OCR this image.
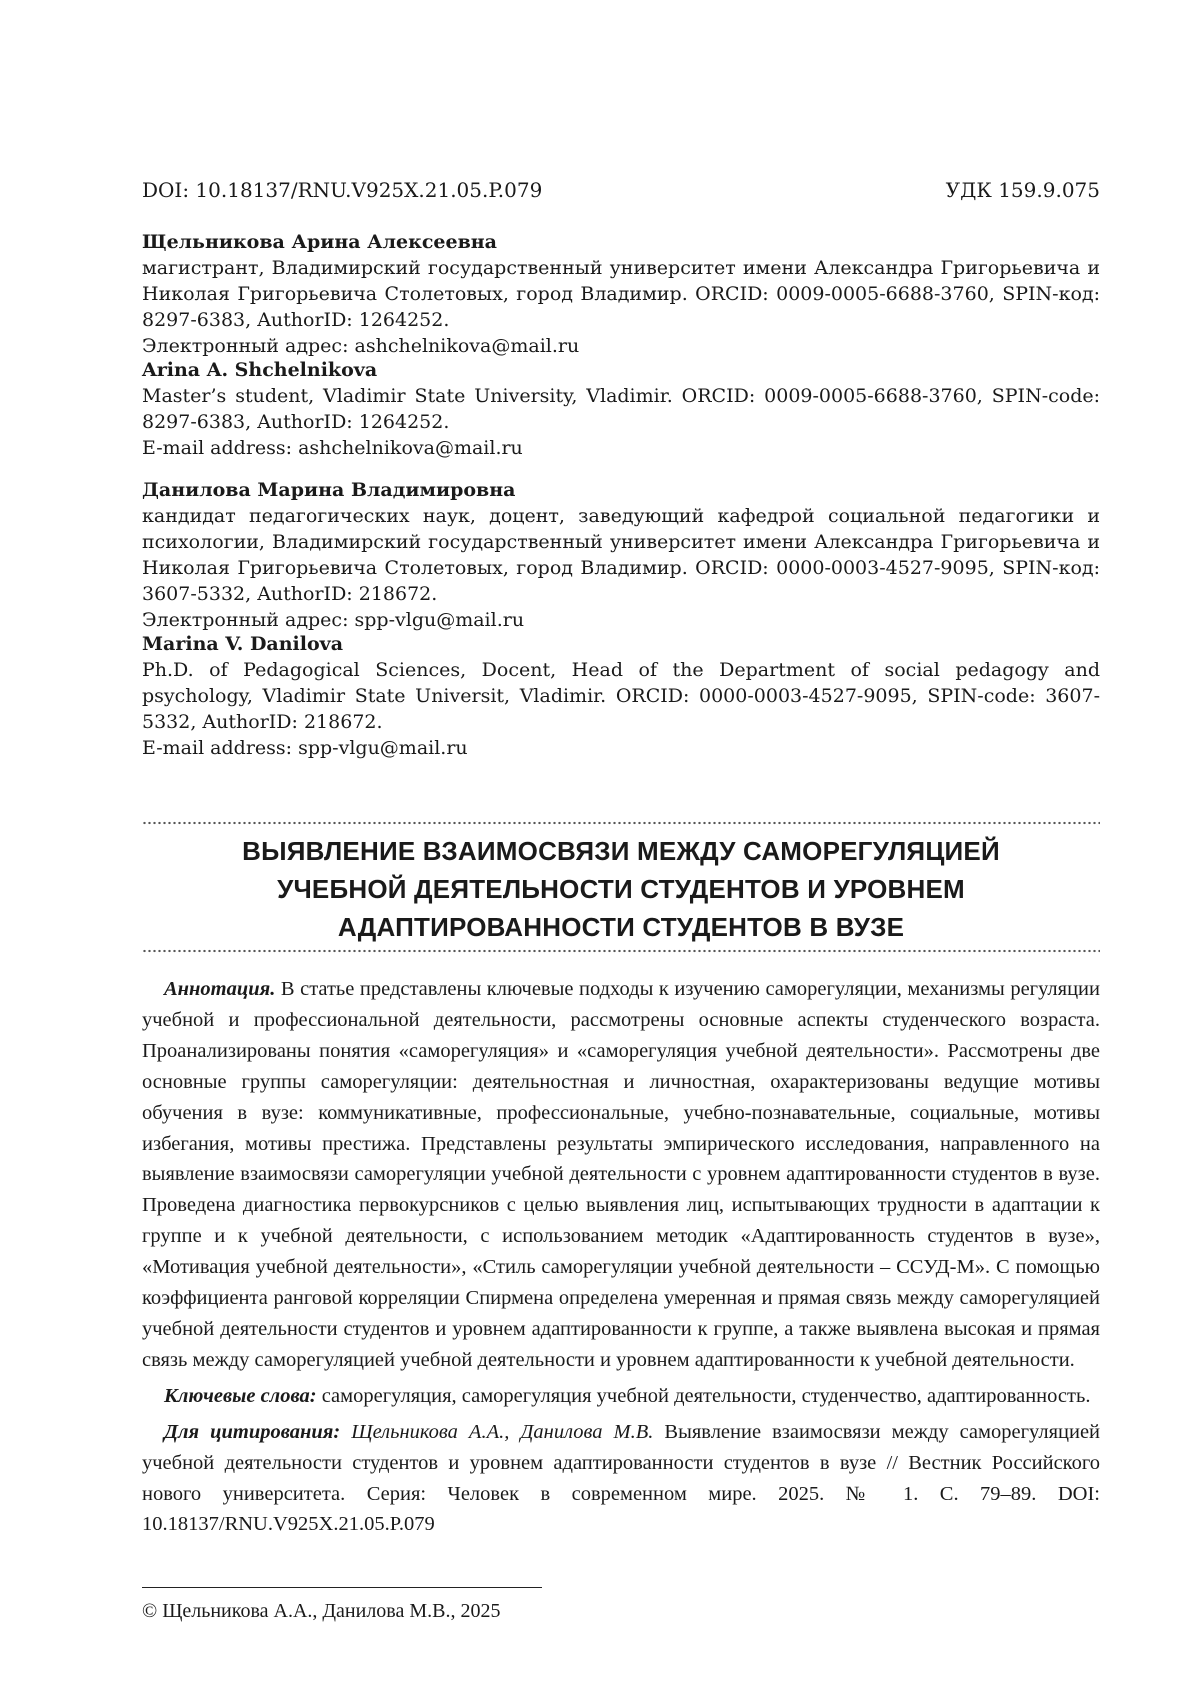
DOI: 10.18137/RNU.V925X.21.05.P.079	УДК 159.9.075

Щельникова Арина Алексеевна

магистрант, Владимирский государственный университет имени Александра Григорьевича и Николая Григорьевича Столетовых, город Владимир. ORCID: 0009-0005-6688-3760, SPIN-код: 8297-6383, AuthorID: 1264252.

Электронный адрес: ashchelnikova@mail.ru

Arina A. Shchelnikova

Master’s student, Vladimir State University, Vladimir. ORCID: 0009-0005-6688-3760, SPIN-code: 8297-6383, AuthorID: 1264252.

E-mail address: ashchelnikova@mail.ru

Данилова Марина Владимировна

кандидат педагогических наук, доцент, заведующий кафедрой социальной педагогики и психологии, Владимирский государственный университет имени Александра Григорьевича и Николая Григорьевича Столетовых, город Владимир. ORCID: 0000-0003-4527-9095, SPIN-код: 3607-5332, AuthorID: 218672.

Электронный адрес: spp-vlgu@mail.ru

Marina V. Danilova

Ph.D. of Pedagogical Sciences, Docent, Head of the Department of social pedagogy and psychology, Vladimir State Universit, Vladimir. ORCID: 0000-0003-4527-9095, SPIN-code: 3607-5332, AuthorID: 218672.

E-mail address: spp-vlgu@mail.ru

ВЫЯВЛЕНИЕ ВЗАИМОСВЯЗИ МЕЖДУ САМОРЕГУЛЯЦИЕЙ
УЧЕБНОЙ ДЕЯТЕЛЬНОСТИ СТУДЕНТОВ И УРОВНЕМ
АДАПТИРОВАННОСТИ СТУДЕНТОВ В ВУЗЕ

Аннотация. В статье представлены ключевые подходы к изучению саморегуляции, механизмы регуляции учебной и профессиональной деятельности, рассмотрены основные аспекты студенческого возраста. Проанализированы понятия «саморегуляция» и «саморегуляция учебной деятельности». Рассмотрены две основные группы саморегуляции: деятельностная и личностная, охарактеризованы ведущие мотивы обучения в вузе: коммуникативные, профессиональные, учебно-познавательные, социальные, мотивы избегания, мотивы престижа. Представлены результаты эмпирического исследования, направленного на выявление взаимосвязи саморегуляции учебной деятельности с уровнем адаптированности студентов в вузе. Проведена диагностика первокурсников с целью выявления лиц, испытывающих трудности в адаптации к группе и к учебной деятельности, с использованием методик «Адаптированность студентов в вузе», «Мотивация учебной деятельности», «Стиль саморегуляции учебной деятельности – ССУД-М». С помощью коэффициента ранговой корреляции Спирмена определена умеренная и прямая связь между саморегуляцией учебной деятельности студентов и уровнем адаптированности к группе, а также выявлена высокая и прямая связь между саморегуляцией учебной деятельности и уровнем адаптированности к учебной деятельности.

Ключевые слова: саморегуляция, саморегуляция учебной деятельности, студенчество, адаптированность.

Для цитирования: Щельникова А.А., Данилова М.В. Выявление взаимосвязи между саморегуляцией учебной деятельности студентов и уровнем адаптированности студентов в вузе // Вестник Российского нового университета. Серия: Человек в современном мире. 2025. № 1. С. 79–89. DOI: 10.18137/RNU.V925X.21.05.P.079

© Щельникова А.А., Данилова М.В., 2025
